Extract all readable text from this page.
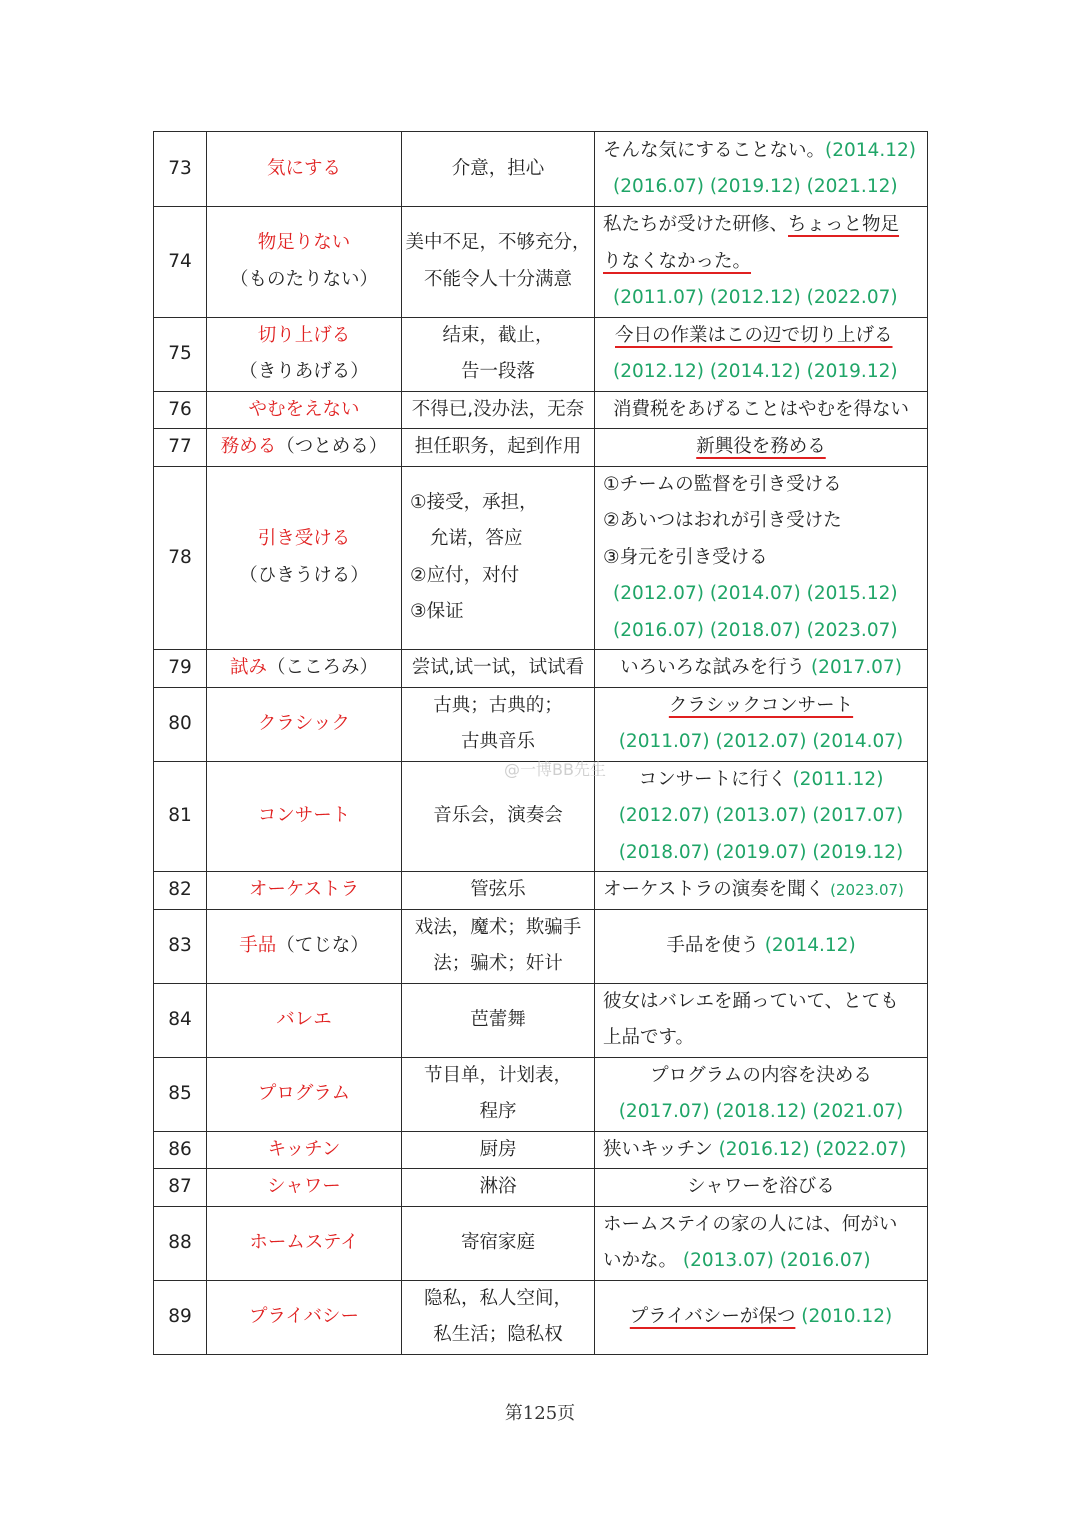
73	気にする	介意，担心	そんな気にすることない。(2014.12)
(2016.07) (2019.12) (2021.12)

74	物足りない
（ものたりない）	美中不足，不够充分，
不能令人十分满意	私たちが受けた研修、ちょっと物足
りなくなかった。
(2011.07) (2012.12) (2022.07)

75	切り上げる
（きりあげる）	结束，截止，
告一段落	今日の作業はこの辺で切り上げる
(2012.12) (2014.12) (2019.12)

76	やむをえない	不得已,没办法，无奈	消費税をあげることはやむを得ない

77	務める（つとめる）	担任职务，起到作用	新興役を務める

78	引き受ける
（ひきうける）	①接受，承担，
允诺，答应
②应付，对付
③保证	①チームの監督を引き受ける
②あいつはおれが引き受けた
③身元を引き受ける
(2012.07) (2014.07) (2015.12)
(2016.07) (2018.07) (2023.07)

79	試み（こころみ）	尝试,试一试，试试看	いろいろな試みを行う (2017.07)

80	クラシック	古典；古典的；
古典音乐	クラシックコンサート
(2011.07) (2012.07) (2014.07)

81	コンサート	音乐会，演奏会	コンサートに行く (2011.12)
(2012.07) (2013.07) (2017.07)
(2018.07) (2019.07) (2019.12)

82	オーケストラ	管弦乐	オーケストラの演奏を聞く (2023.07)

83	手品（てじな）	戏法，魔术；欺骗手
法；骗术；奸计	手品を使う (2014.12)

84	バレエ	芭蕾舞	彼女はバレエを踊っていて、とても
上品です。

85	プログラム	节目单，计划表，
程序	プログラムの内容を決める
(2017.07) (2018.12) (2021.07)

86	キッチン	厨房	狭いキッチン (2016.12) (2022.07)

87	シャワー	淋浴	シャワーを浴びる

88	ホームステイ	寄宿家庭	ホームステイの家の人には、何がい
いかな。 (2013.07) (2016.07)

89	プライバシー	隐私，私人空间，
私生活；隐私权	プライバシーが保つ (2010.12)
@一博BB先生
第125页
